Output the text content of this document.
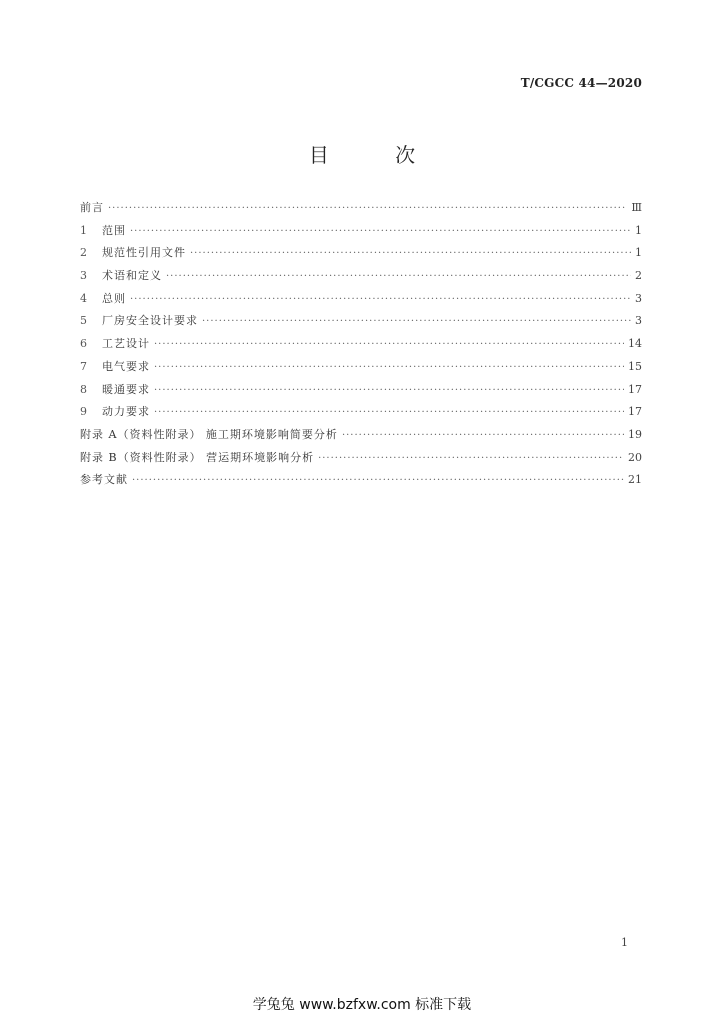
T/CGCC 44—2020
目 次
前言 ·····	Ⅲ
1	范围 ·····	1
2	规范性引用文件 ·····	1
3	术语和定义 ·····	2
4	总则 ·····	3
5	厂房安全设计要求 ·····	3
6	工艺设计 ·····	14
7	电气要求 ·····	15
8	暖通要求 ·····	17
9	动力要求 ·····	17
附录 A（资料性附录） 施工期环境影响简要分析 ·····	19
附录 B（资料性附录） 营运期环境影响分析 ·····	20
参考文献 ·····	21
1
学兔兔 www.bzfxw.com 标准下载
